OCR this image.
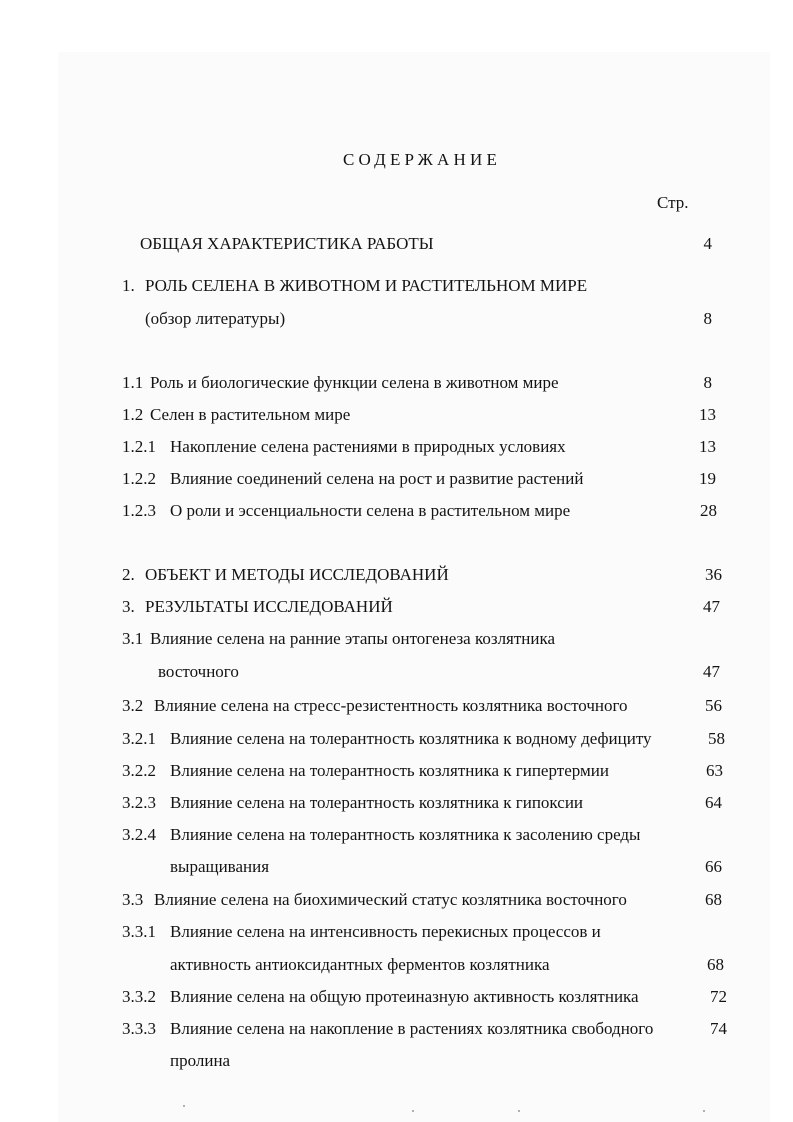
СОДЕРЖАНИЕ
Стр.
ОБЩАЯ ХАРАКТЕРИСТИКА РАБОТЫ	4
1. РОЛЬ СЕЛЕНА В ЖИВОТНОМ И РАСТИТЕЛЬНОМ МИРЕ
(обзор литературы)	8
1.1 Роль и биологические функции селена в животном мире	8
1.2 Селен в растительном мире	13
1.2.1 Накопление селена растениями в природных условиях	13
1.2.2 Влияние соединений селена на рост и развитие растений	19
1.2.3 О роли и эссенциальности селена в растительном мире	28
2. ОБЪЕКТ И МЕТОДЫ ИССЛЕДОВАНИЙ	36
3. РЕЗУЛЬТАТЫ ИССЛЕДОВАНИЙ	47
3.1 Влияние селена на ранние этапы онтогенеза козлятника
восточного	47
3.2 Влияние селена на стресс-резистентность козлятника восточного	56
3.2.1 Влияние селена на толерантность козлятника к водному дефициту	58
3.2.2 Влияние селена на толерантность козлятника к гипертермии	63
3.2.3 Влияние селена на толерантность козлятника к гипоксии	64
3.2.4 Влияние селена на толерантность козлятника к засолению среды
выращивания	66
3.3 Влияние селена на биохимический статус козлятника восточного	68
3.3.1 Влияние селена на интенсивность перекисных процессов и
активность антиоксидантных ферментов козлятника	68
3.3.2 Влияние селена на общую протеиназную активность козлятника	72
3.3.3 Влияние селена на накопление в растениях козлятника свободного	74
пролина
